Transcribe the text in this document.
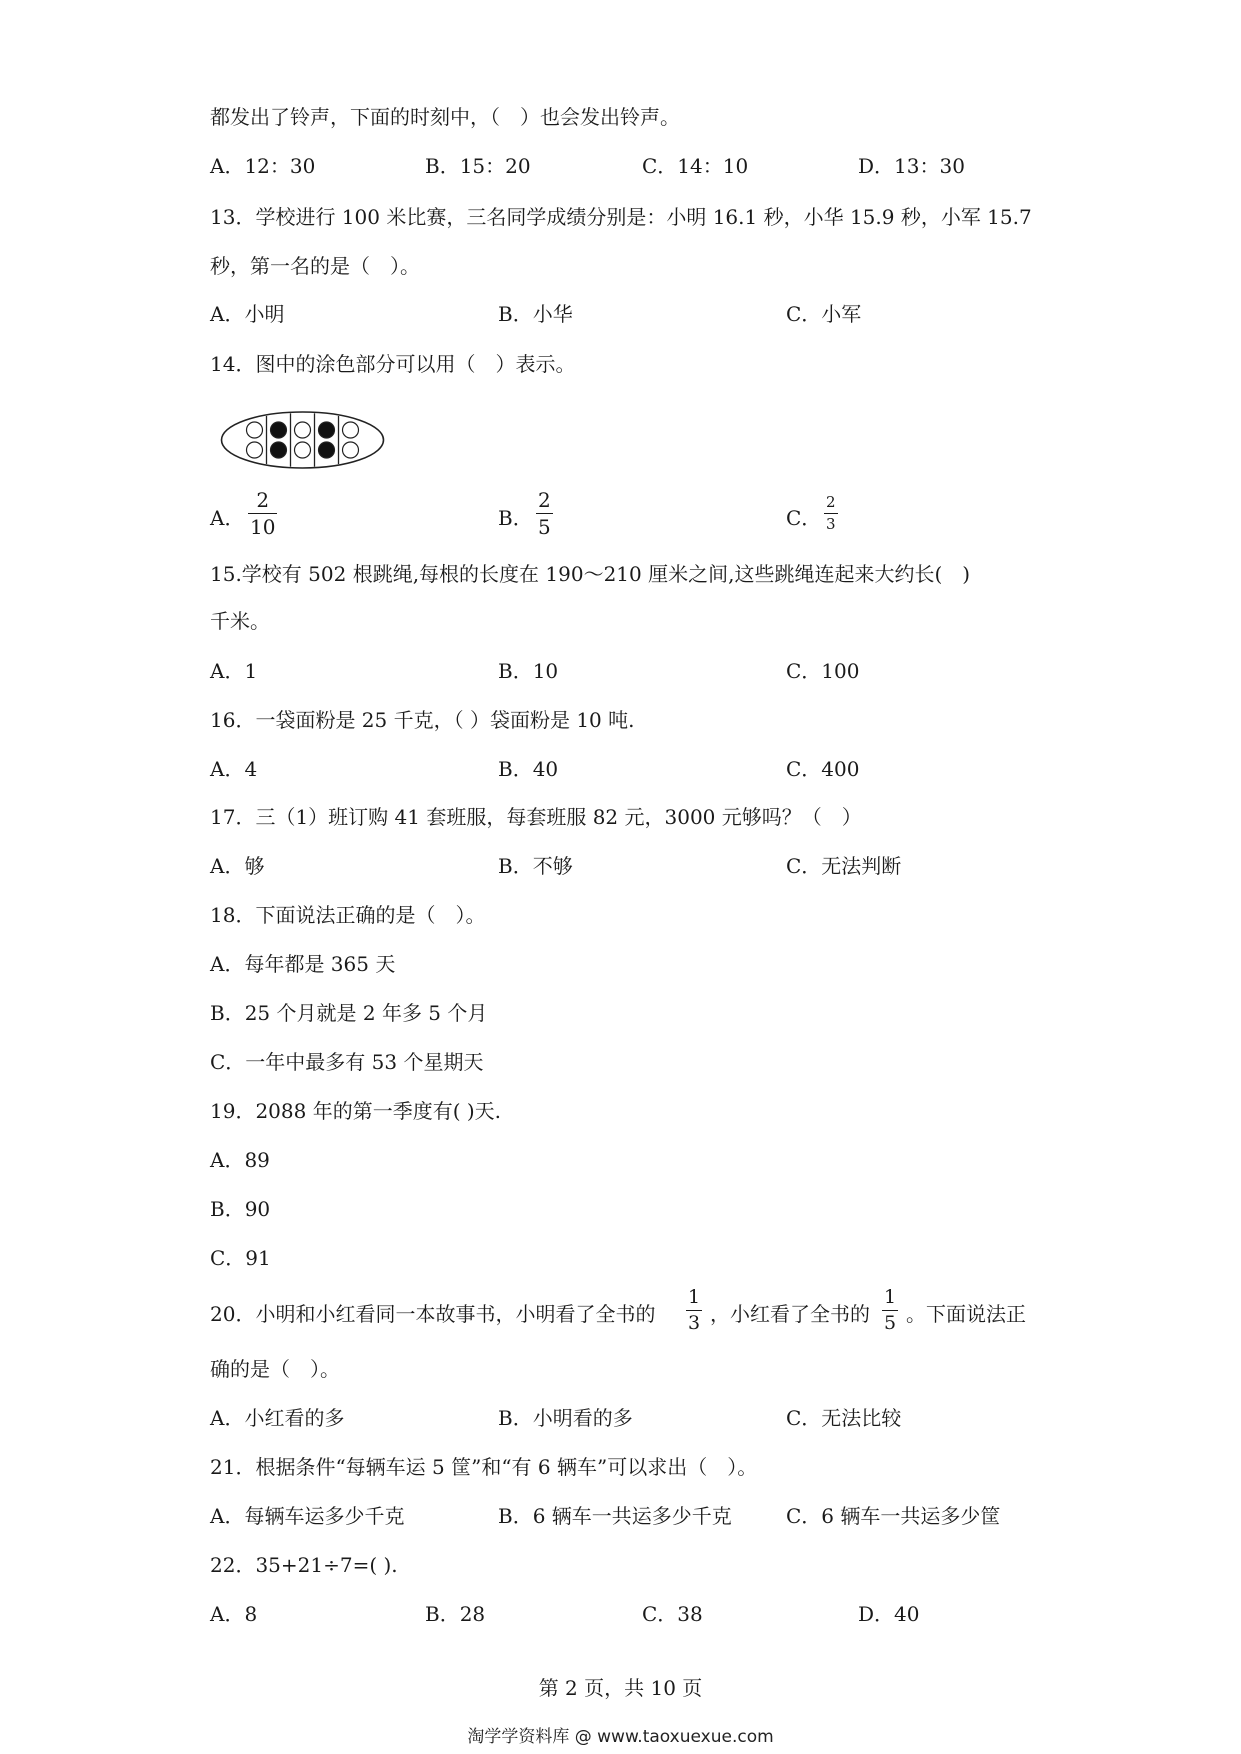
都发出了铃声，下面的时刻中，（　）也会发出铃声。
A．12：30	B．15：20	C．14：10	D．13：30
13．学校进行 100 米比赛，三名同学成绩分别是：小明 16.1 秒，小华 15.9 秒，小军 15.7
秒，第一名的是（　）。
A．小明	B．小华	C．小军
14．图中的涂色部分可以用（　）表示。
A． $\frac{2}{10}$	B． $\frac{2}{5}$	C． $\frac{2}{3}$
15.学校有 502 根跳绳,每根的长度在 190～210 厘米之间,这些跳绳连起来大约长(　)
千米。
A．1	B．10	C．100
16．一袋面粉是 25 千克，（ ）袋面粉是 10 吨.
A．4	B．40	C．400
17．三（1）班订购 41 套班服，每套班服 82 元，3000 元够吗？（　）
A．够	B．不够	C．无法判断
18．下面说法正确的是（　）。
A．每年都是 365 天
B．25 个月就是 2 年多 5 个月
C．一年中最多有 53 个星期天
19．2088 年的第一季度有( )天.
A．89
B．90
C．91
20．小明和小红看同一本故事书，小明看了全书的 $\frac{1}{3}$ ，小红看了全书的 $\frac{1}{5}$ 。下面说法正
确的是（　）。
A．小红看的多	B．小明看的多	C．无法比较
21．根据条件“每辆车运 5 筐”和“有 6 辆车”可以求出（　）。
A．每辆车运多少千克	B．6 辆车一共运多少千克	C．6 辆车一共运多少筐
22．35+21÷7=( ).
A．8	B．28	C．38	D．40
第 2 页，共 10 页
淘学学资料库 @ www.taoxuexue.com
